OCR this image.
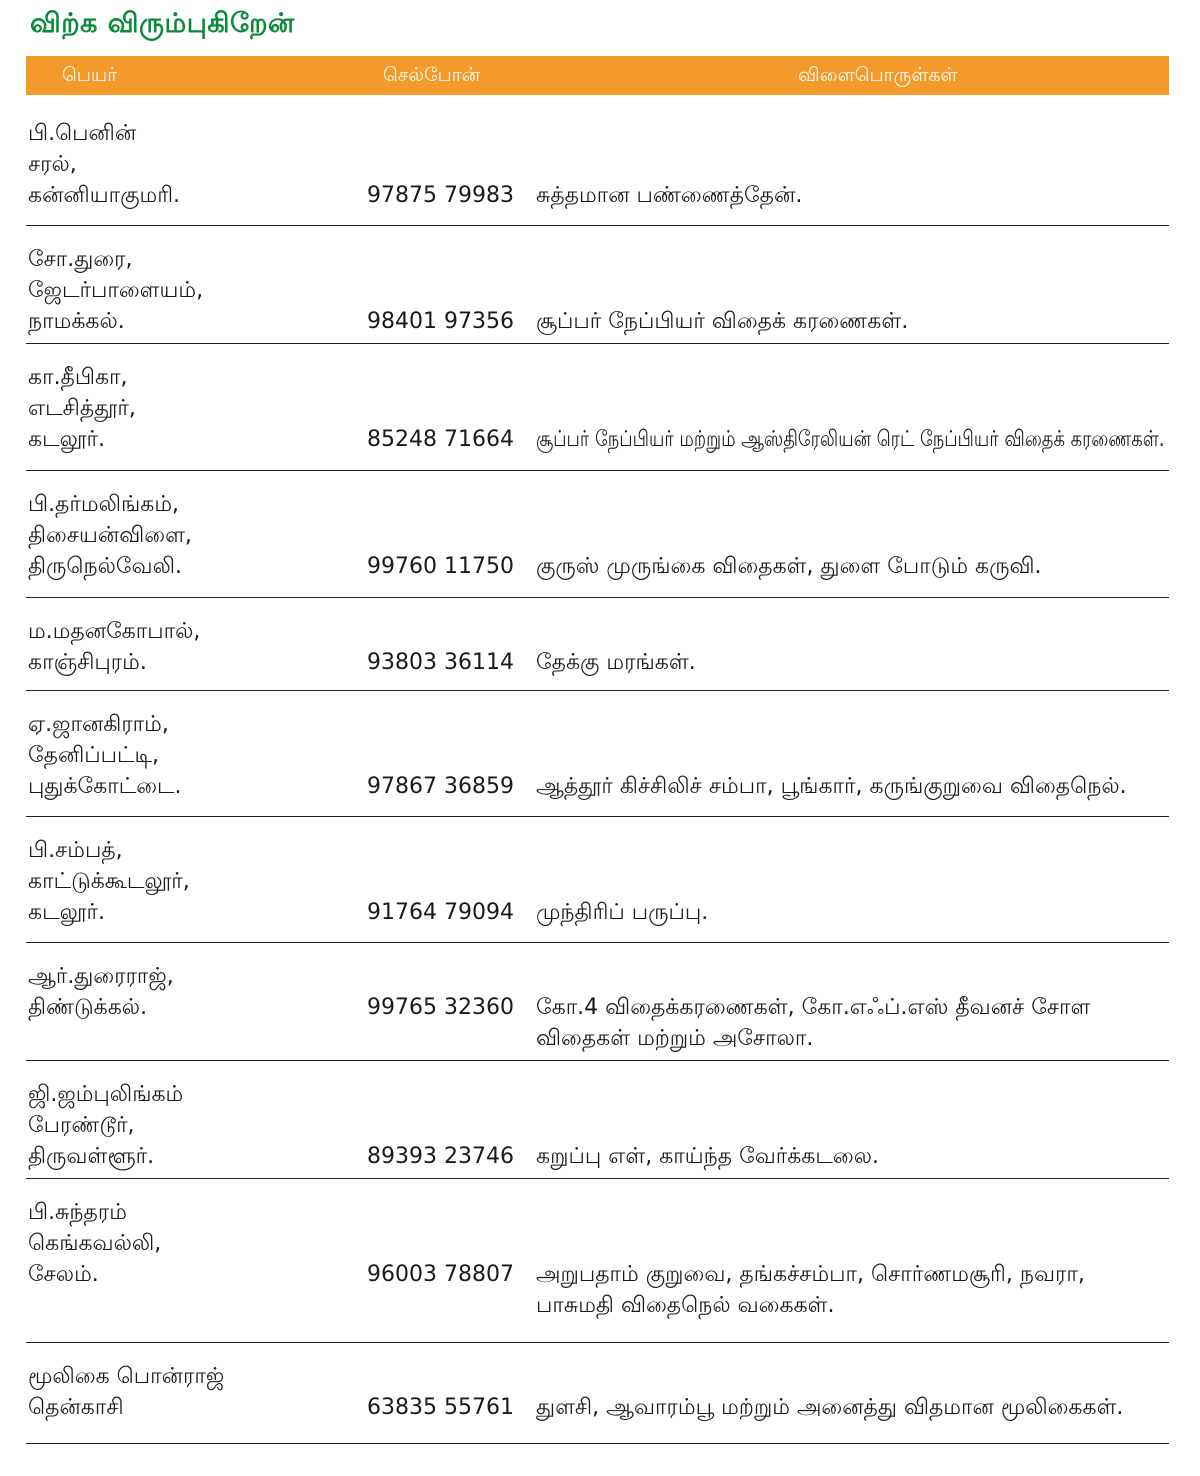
விற்க விரும்புகிறேன்
பெயர்	செல்போன்	விளைபொருள்கள்
பி.பெனின்
சரல்,
கன்னியாகுமரி.	97875 79983 சுத்தமான பண்ணைத்தேன்.
சோ.துரை,
ஜேடர்பாளையம்,
நாமக்கல்.	98401 97356 சூப்பர் நேப்பியர் விதைக் கரணைகள்.
கா.தீபிகா,
எடசித்தூர்,
கடலூர்.	85248 71664 சூப்பர் நேப்பியர் மற்றும் ஆஸ்திரேலியன் ரெட் நேப்பியர் விதைக் கரணைகள்.
பி.தர்மலிங்கம்,
திசையன்விளை,
திருநெல்வேலி.	99760 11750 குருஸ் முருங்கை விதைகள், துளை போடும் கருவி.
ம.மதனகோபால்,
காஞ்சிபுரம்.	93803 36114 தேக்கு மரங்கள்.
ஏ.ஜானகிராம்,
தேனிப்பட்டி,
புதுக்கோட்டை.	97867 36859 ஆத்தூர் கிச்சிலிச் சம்பா, பூங்கார், கருங்குறுவை விதைநெல்.
பி.சம்பத்,
காட்டுக்கூடலூர்,
கடலூர்.	91764 79094 முந்திரிப் பருப்பு.
ஆர்.துரைராஜ்,
திண்டுக்கல்.	99765 32360 கோ.4 விதைக்கரணைகள், கோ.எஃப்.எஸ் தீவனச் சோள
விதைகள் மற்றும் அசோலா.
ஜி.ஜம்புலிங்கம்
பேரண்டூர்,
திருவள்ளூர்.	89393 23746 கறுப்பு எள், காய்ந்த வேர்க்கடலை.
பி.சுந்தரம்
கெங்கவல்லி,
சேலம்.	96003 78807 அறுபதாம் குறுவை, தங்கச்சம்பா, சொர்ணமசூரி, நவரா,
பாசுமதி விதைநெல் வகைகள்.
மூலிகை பொன்ராஜ்
தென்காசி	63835 55761 துளசி, ஆவாரம்பூ மற்றும் அனைத்து விதமான மூலிகைகள்.
